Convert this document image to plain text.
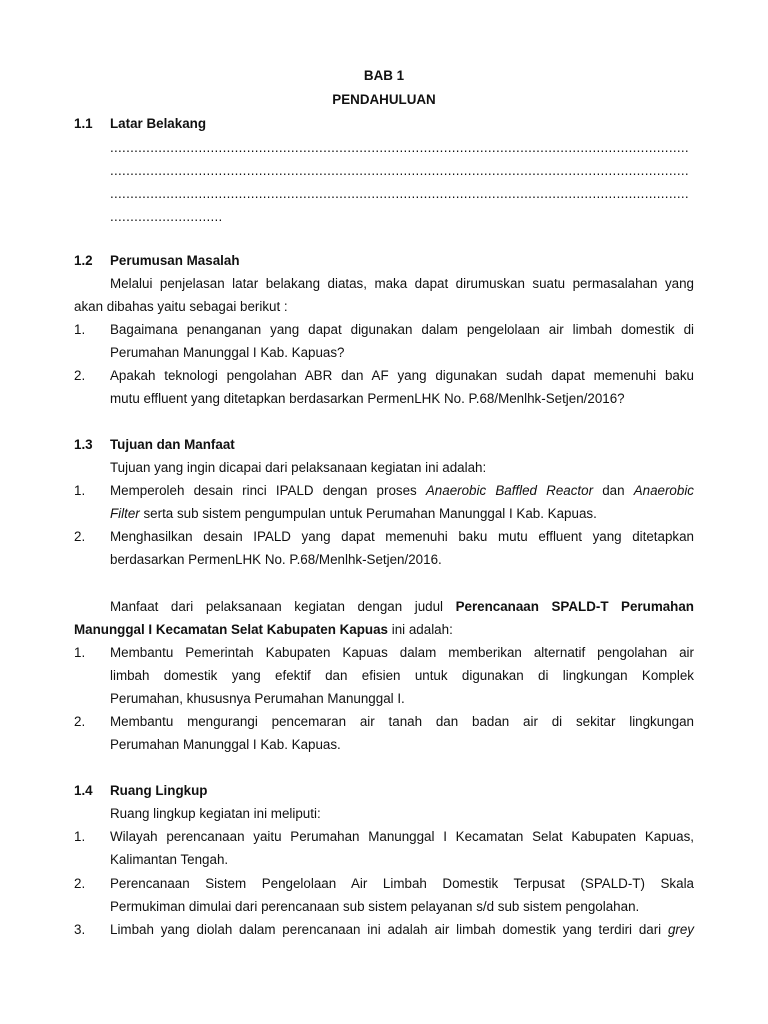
BAB 1
PENDAHULUAN
1.1 Latar Belakang
................................................................................................................................................
................................................................................................................................................
................................................................................................................................................
............................
1.2 Perumusan Masalah
Melalui penjelasan latar belakang diatas, maka dapat dirumuskan suatu permasalahan yang
akan dibahas yaitu sebagai berikut :
1. Bagaimana penanganan yang dapat digunakan dalam pengelolaan air limbah domestik di
Perumahan Manunggal I Kab. Kapuas?
2. Apakah teknologi pengolahan ABR dan AF yang digunakan sudah dapat memenuhi baku
mutu effluent yang ditetapkan berdasarkan PermenLHK No. P.68/Menlhk-Setjen/2016?
1.3 Tujuan dan Manfaat
Tujuan yang ingin dicapai dari pelaksanaan kegiatan ini adalah:
1. Memperoleh desain rinci IPALD dengan proses Anaerobic Baffled Reactor dan Anaerobic
Filter serta sub sistem pengumpulan untuk Perumahan Manunggal I Kab. Kapuas.
2. Menghasilkan desain IPALD yang dapat memenuhi baku mutu effluent yang ditetapkan
berdasarkan PermenLHK No. P.68/Menlhk-Setjen/2016.
Manfaat dari pelaksanaan kegiatan dengan judul Perencanaan SPALD-T Perumahan
Manunggal I Kecamatan Selat Kabupaten Kapuas ini adalah:
1. Membantu Pemerintah Kabupaten Kapuas dalam memberikan alternatif pengolahan air
limbah domestik yang efektif dan efisien untuk digunakan di lingkungan Komplek
Perumahan, khususnya Perumahan Manunggal I.
2. Membantu mengurangi pencemaran air tanah dan badan air di sekitar lingkungan
Perumahan Manunggal I Kab. Kapuas.
1.4 Ruang Lingkup
Ruang lingkup kegiatan ini meliputi:
1. Wilayah perencanaan yaitu Perumahan Manunggal I Kecamatan Selat Kabupaten Kapuas,
Kalimantan Tengah.
2. Perencanaan Sistem Pengelolaan Air Limbah Domestik Terpusat (SPALD-T) Skala
Permukiman dimulai dari perencanaan sub sistem pelayanan s/d sub sistem pengolahan.
3. Limbah yang diolah dalam perencanaan ini adalah air limbah domestik yang terdiri dari grey
